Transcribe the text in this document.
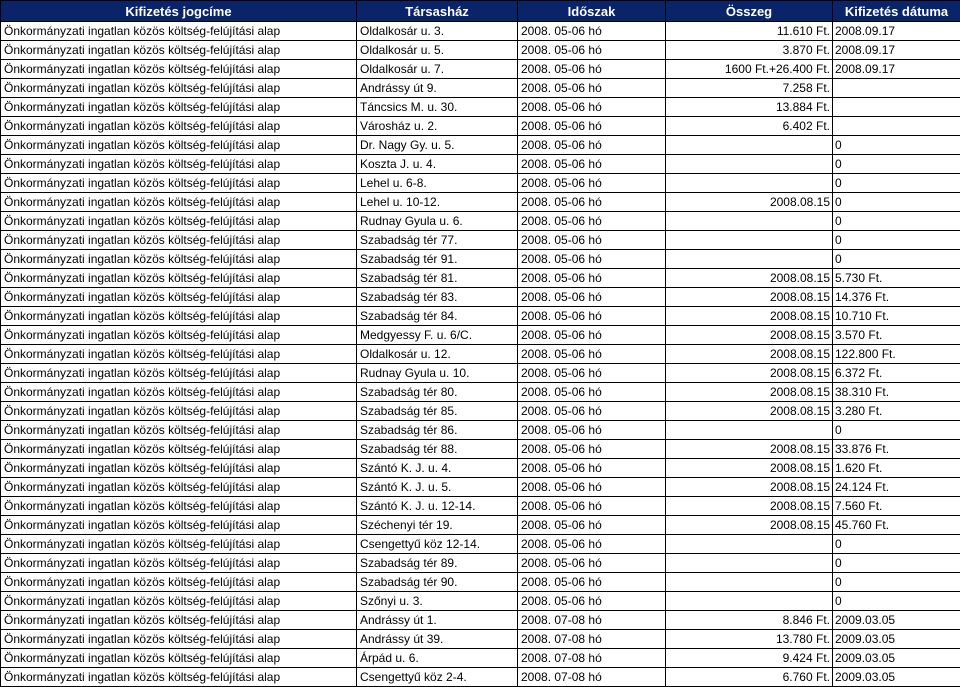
Kifizetés jogcíme	Társasház	Időszak	Összeg	Kifizetés dátuma
Önkormányzati ingatlan közös költség-felújítási alap	Oldalkosár u. 3.	2008. 05-06 hó	11.610 Ft.	2008.09.17
Önkormányzati ingatlan közös költség-felújítási alap	Oldalkosár u. 5.	2008. 05-06 hó	3.870 Ft.	2008.09.17
Önkormányzati ingatlan közös költség-felújítási alap	Oldalkosár u. 7.	2008. 05-06 hó	1600 Ft.+26.400 Ft.	2008.09.17
Önkormányzati ingatlan közös költség-felújítási alap	Andrássy út 9.	2008. 05-06 hó	7.258 Ft.	
Önkormányzati ingatlan közös költség-felújítási alap	Táncsics M. u. 30.	2008. 05-06 hó	13.884 Ft.	
Önkormányzati ingatlan közös költség-felújítási alap	Városház u. 2.	2008. 05-06 hó	6.402 Ft.	
Önkormányzati ingatlan közös költség-felújítási alap	Dr. Nagy Gy. u. 5.	2008. 05-06 hó		0
Önkormányzati ingatlan közös költség-felújítási alap	Koszta J. u. 4.	2008. 05-06 hó		0
Önkormányzati ingatlan közös költség-felújítási alap	Lehel u. 6-8.	2008. 05-06 hó		0
Önkormányzati ingatlan közös költség-felújítási alap	Lehel u. 10-12.	2008. 05-06 hó	2008.08.15	0
Önkormányzati ingatlan közös költség-felújítási alap	Rudnay Gyula u. 6.	2008. 05-06 hó		0
Önkormányzati ingatlan közös költség-felújítási alap	Szabadság tér 77.	2008. 05-06 hó		0
Önkormányzati ingatlan közös költség-felújítási alap	Szabadság tér 91.	2008. 05-06 hó		0
Önkormányzati ingatlan közös költség-felújítási alap	Szabadság tér 81.	2008. 05-06 hó	2008.08.15	5.730 Ft.
Önkormányzati ingatlan közös költség-felújítási alap	Szabadság tér 83.	2008. 05-06 hó	2008.08.15	14.376 Ft.
Önkormányzati ingatlan közös költség-felújítási alap	Szabadság tér 84.	2008. 05-06 hó	2008.08.15	10.710 Ft.
Önkormányzati ingatlan közös költség-felújítási alap	Medgyessy F. u. 6/C.	2008. 05-06 hó	2008.08.15	3.570 Ft.
Önkormányzati ingatlan közös költség-felújítási alap	Oldalkosár u. 12.	2008. 05-06 hó	2008.08.15	122.800 Ft.
Önkormányzati ingatlan közös költség-felújítási alap	Rudnay Gyula u. 10.	2008. 05-06 hó	2008.08.15	6.372 Ft.
Önkormányzati ingatlan közös költség-felújítási alap	Szabadság tér 80.	2008. 05-06 hó	2008.08.15	38.310 Ft.
Önkormányzati ingatlan közös költség-felújítási alap	Szabadság tér 85.	2008. 05-06 hó	2008.08.15	3.280 Ft.
Önkormányzati ingatlan közös költség-felújítási alap	Szabadság tér 86.	2008. 05-06 hó		0
Önkormányzati ingatlan közös költség-felújítási alap	Szabadság tér 88.	2008. 05-06 hó	2008.08.15	33.876 Ft.
Önkormányzati ingatlan közös költség-felújítási alap	Szántó K. J. u. 4.	2008. 05-06 hó	2008.08.15	1.620 Ft.
Önkormányzati ingatlan közös költség-felújítási alap	Szántó K. J. u. 5.	2008. 05-06 hó	2008.08.15	24.124 Ft.
Önkormányzati ingatlan közös költség-felújítási alap	Szántó K. J. u. 12-14.	2008. 05-06 hó	2008.08.15	7.560 Ft.
Önkormányzati ingatlan közös költség-felújítási alap	Széchenyi tér 19.	2008. 05-06 hó	2008.08.15	45.760 Ft.
Önkormányzati ingatlan közös költség-felújítási alap	Csengettyű köz 12-14.	2008. 05-06 hó		0
Önkormányzati ingatlan közös költség-felújítási alap	Szabadság tér 89.	2008. 05-06 hó		0
Önkormányzati ingatlan közös költség-felújítási alap	Szabadság tér 90.	2008. 05-06 hó		0
Önkormányzati ingatlan közös költség-felújítási alap	Szőnyi u. 3.	2008. 05-06 hó		0
Önkormányzati ingatlan közös költség-felújítási alap	Andrássy út 1.	2008. 07-08 hó	8.846 Ft.	2009.03.05
Önkormányzati ingatlan közös költség-felújítási alap	Andrássy út 39.	2008. 07-08 hó	13.780 Ft.	2009.03.05
Önkormányzati ingatlan közös költség-felújítási alap	Árpád u. 6.	2008. 07-08 hó	9.424 Ft.	2009.03.05
Önkormányzati ingatlan közös költség-felújítási alap	Csengettyű köz 2-4.	2008. 07-08 hó	6.760 Ft.	2009.03.05
